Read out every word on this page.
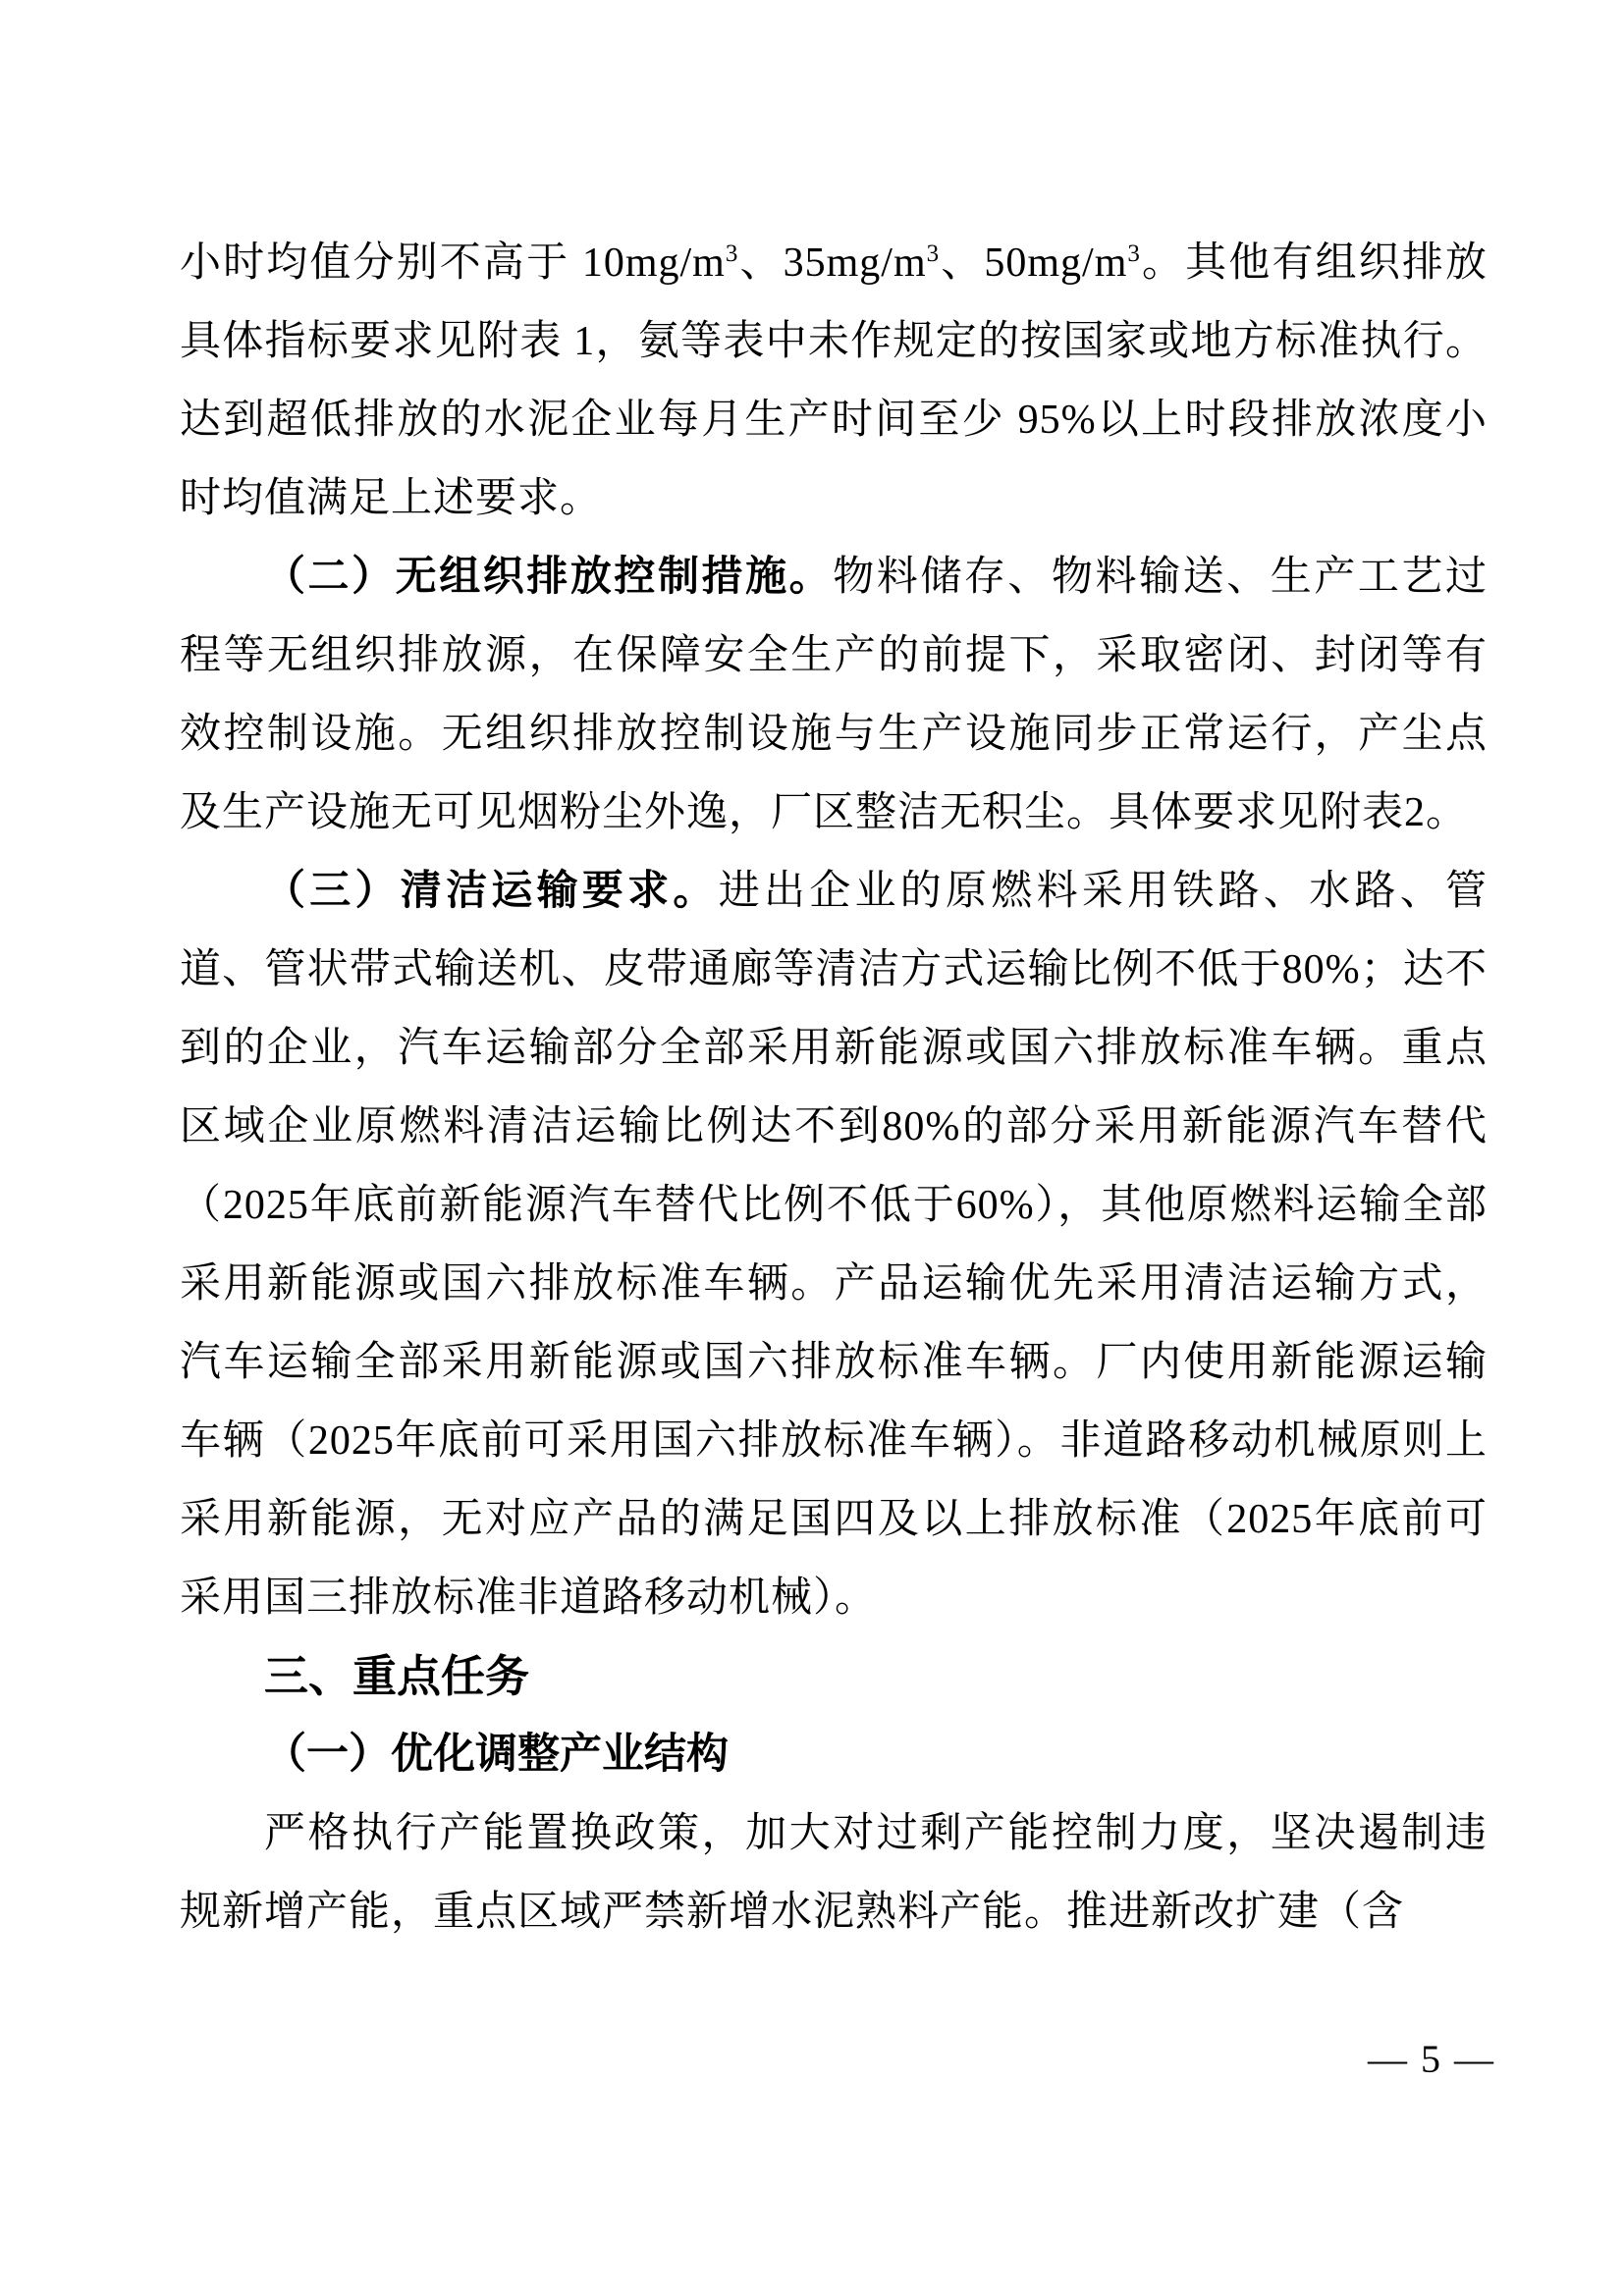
小时均值分别不高于 $10mg/m^3$、$35mg/m^3$、$50mg/m^3$。其他有组织排放具体指标要求见附表 1，氨等表中未作规定的按国家或地方标准执行。达到超低排放的水泥企业每月生产时间至少 95%以上时段排放浓度小时均值满足上述要求。

（二）无组织排放控制措施。物料储存、物料输送、生产工艺过程等无组织排放源，在保障安全生产的前提下，采取密闭、封闭等有效控制设施。无组织排放控制设施与生产设施同步正常运行，产尘点及生产设施无可见烟粉尘外逸，厂区整洁无积尘。具体要求见附表2。

（三）清洁运输要求。进出企业的原燃料采用铁路、水路、管道、管状带式输送机、皮带通廊等清洁方式运输比例不低于80%；达不到的企业，汽车运输部分全部采用新能源或国六排放标准车辆。重点区域企业原燃料清洁运输比例达不到80%的部分采用新能源汽车替代（2025年底前新能源汽车替代比例不低于60%），其他原燃料运输全部采用新能源或国六排放标准车辆。产品运输优先采用清洁运输方式，汽车运输全部采用新能源或国六排放标准车辆。厂内使用新能源运输车辆（2025年底前可采用国六排放标准车辆）。非道路移动机械原则上采用新能源，无对应产品的满足国四及以上排放标准（2025年底前可采用国三排放标准非道路移动机械）。

三、重点任务
（一）优化调整产业结构

严格执行产能置换政策，加大对过剩产能控制力度，坚决遏制违规新增产能，重点区域严禁新增水泥熟料产能。推进新改扩建（含

— 5 —
